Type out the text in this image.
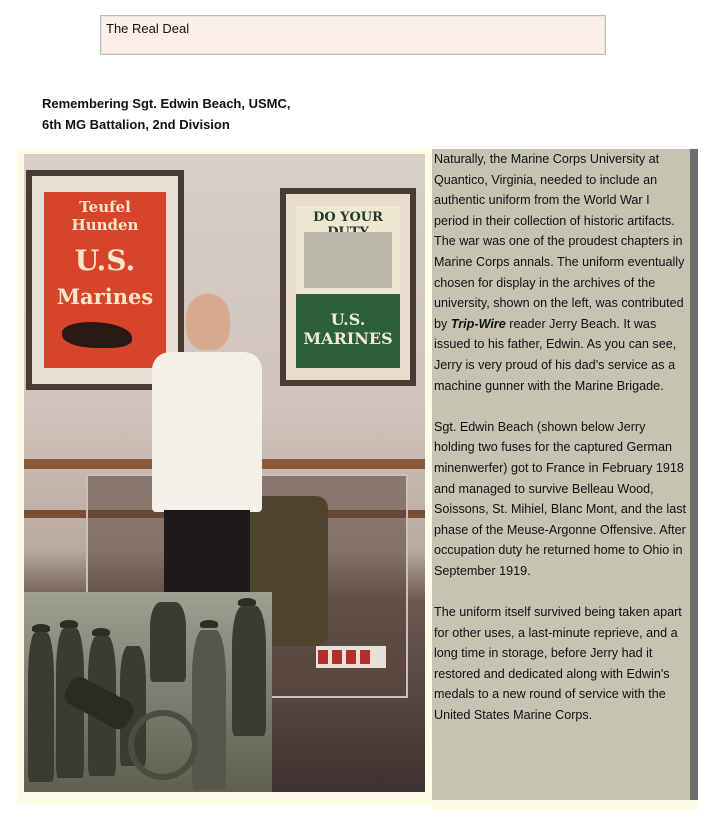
The Real Deal
Remembering Sgt. Edwin Beach, USMC,
6th MG Battalion, 2nd Division
Teufel Hunden
U.S.
Marines
DO YOUR
U.S. MARINES

Naturally, the Marine Corps University at Quantico, Virginia, needed to include an authentic uniform from the World War I period in their collection of historic artifacts. The war was one of the proudest chapters in Marine Corps annals. The uniform eventually chosen for display in the archives of the university, shown on the left, was contributed by Trip-Wire reader Jerry Beach. It was issued to his father, Edwin. As you can see, Jerry is very proud of his dad's service as a machine gunner with the Marine Brigade.

Sgt. Edwin Beach (shown below Jerry holding two fuses for the captured German minenwerfer) got to France in February 1918 and managed to survive Belleau Wood, Soissons, St. Mihiel, Blanc Mont, and the last phase of the Meuse-Argonne Offensive. After occupation duty he returned home to Ohio in September 1919.

The uniform itself survived being taken apart for other uses, a last-minute reprieve, and a long time in storage, before Jerry had it restored and dedicated along with Edwin's medals to a new round of service with the United States Marine Corps.
